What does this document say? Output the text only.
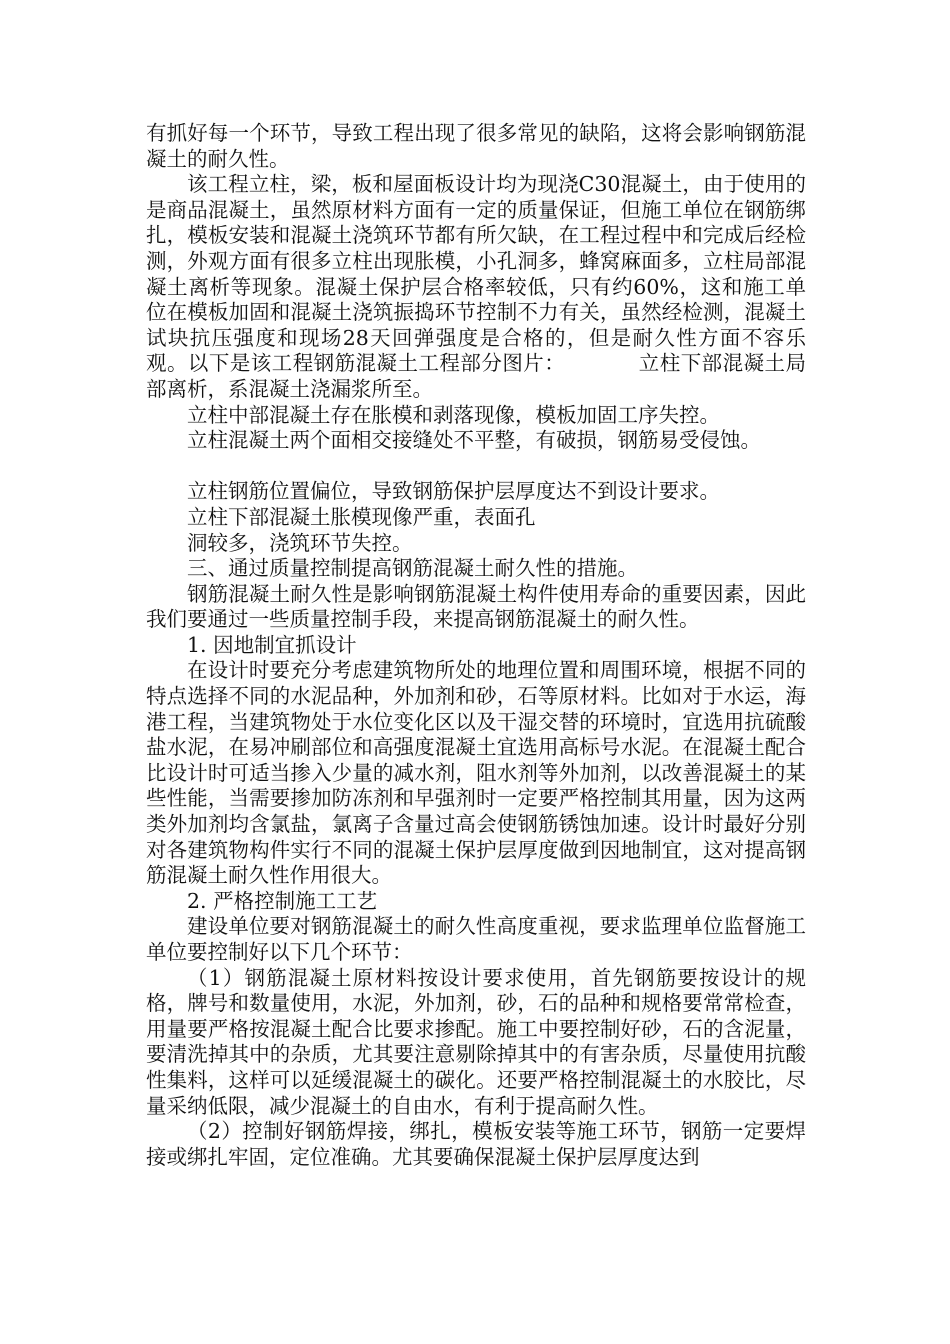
有抓好每一个环节，导致工程出现了很多常见的缺陷，这将会影响钢筋混凝土的耐久性。

该工程立柱，梁，板和屋面板设计均为现浇C30混凝土，由于使用的是商品混凝土，虽然原材料方面有一定的质量保证，但施工单位在钢筋绑扎，模板安装和混凝土浇筑环节都有所欠缺，在工程过程中和完成后经检测，外观方面有很多立柱出现胀模，小孔洞多，蜂窝麻面多，立柱局部混凝土离析等现象。混凝土保护层合格率较低，只有约60%，这和施工单位在模板加固和混凝土浇筑振捣环节控制不力有关，虽然经检测，混凝土试块抗压强度和现场28天回弹强度是合格的，但是耐久性方面不容乐观。以下是该工程钢筋混凝土工程部分图片：　　　　立柱下部混凝土局部离析，系混凝土浇漏浆所至。

立柱中部混凝土存在胀模和剥落现像，模板加固工序失控。

立柱混凝土两个面相交接缝处不平整，有破损，钢筋易受侵蚀。

立柱钢筋位置偏位，导致钢筋保护层厚度达不到设计要求。

立柱下部混凝土胀模现像严重，表面孔

洞较多，浇筑环节失控。

三、通过质量控制提高钢筋混凝土耐久性的措施。

钢筋混凝土耐久性是影响钢筋混凝土构件使用寿命的重要因素，因此我们要通过一些质量控制手段，来提高钢筋混凝土的耐久性。

1. 因地制宜抓设计

在设计时要充分考虑建筑物所处的地理位置和周围环境，根据不同的特点选择不同的水泥品种，外加剂和砂，石等原材料。比如对于水运，海港工程，当建筑物处于水位变化区以及干湿交替的环境时，宜选用抗硫酸盐水泥，在易冲刷部位和高强度混凝土宜选用高标号水泥。在混凝土配合比设计时可适当掺入少量的减水剂，阻水剂等外加剂，以改善混凝土的某些性能，当需要掺加防冻剂和早强剂时一定要严格控制其用量，因为这两类外加剂均含氯盐，氯离子含量过高会使钢筋锈蚀加速。设计时最好分别对各建筑物构件实行不同的混凝土保护层厚度做到因地制宜，这对提高钢筋混凝土耐久性作用很大。

2. 严格控制施工工艺

建设单位要对钢筋混凝土的耐久性高度重视，要求监理单位监督施工单位要控制好以下几个环节：

（1）钢筋混凝土原材料按设计要求使用，首先钢筋要按设计的规格，牌号和数量使用，水泥，外加剂，砂，石的品种和规格要常常检查，用量要严格按混凝土配合比要求掺配。施工中要控制好砂，石的含泥量，要清洗掉其中的杂质，尤其要注意剔除掉其中的有害杂质，尽量使用抗酸性集料，这样可以延缓混凝土的碳化。还要严格控制混凝土的水胶比，尽量采纳低限，减少混凝土的自由水，有利于提高耐久性。

（2）控制好钢筋焊接，绑扎，模板安装等施工环节，钢筋一定要焊接或绑扎牢固，定位准确。尤其要确保混凝土保护层厚度达到
